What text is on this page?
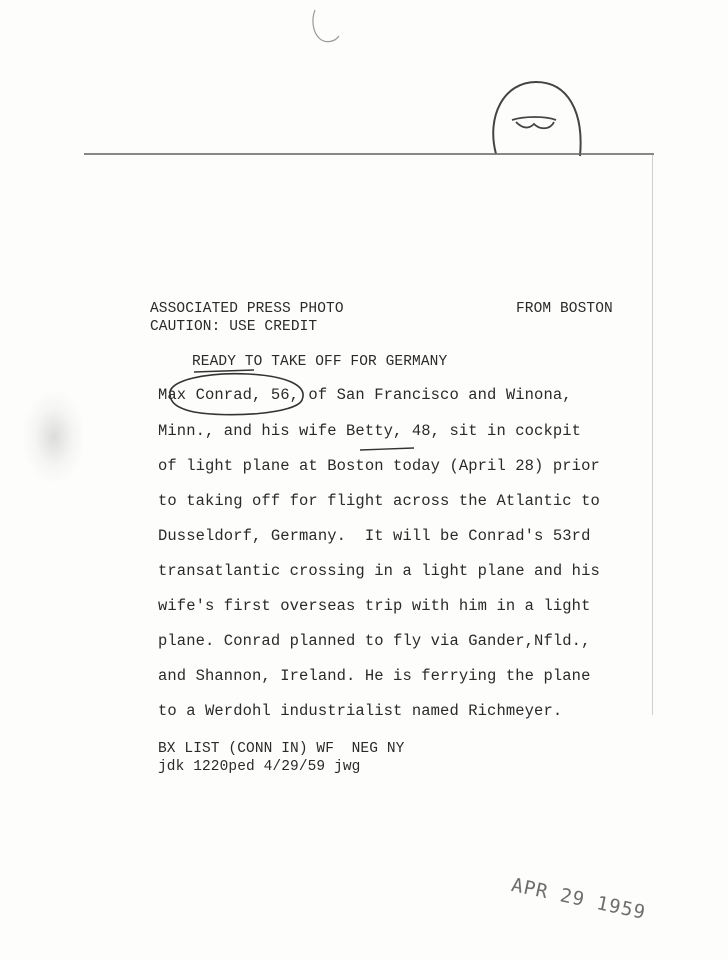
ASSOCIATED PRESS PHOTO	FROM BOSTON
CAUTION: USE CREDIT
READY TO TAKE OFF FOR GERMANY
Max Conrad, 56, of San Francisco and Winona,
Minn., and his wife Betty, 48, sit in cockpit
of light plane at Boston today (April 28) prior
to taking off for flight across the Atlantic to
Dusseldorf, Germany.  It will be Conrad's 53rd
transatlantic crossing in a light plane and his
wife's first overseas trip with him in a light
plane. Conrad planned to fly via Gander,Nfld.,
and Shannon, Ireland. He is ferrying the plane
to a Werdohl industrialist named Richmeyer.
BX LIST (CONN IN) WF  NEG NY
jdk 1220ped 4/29/59 jwg
APR 29 1959
